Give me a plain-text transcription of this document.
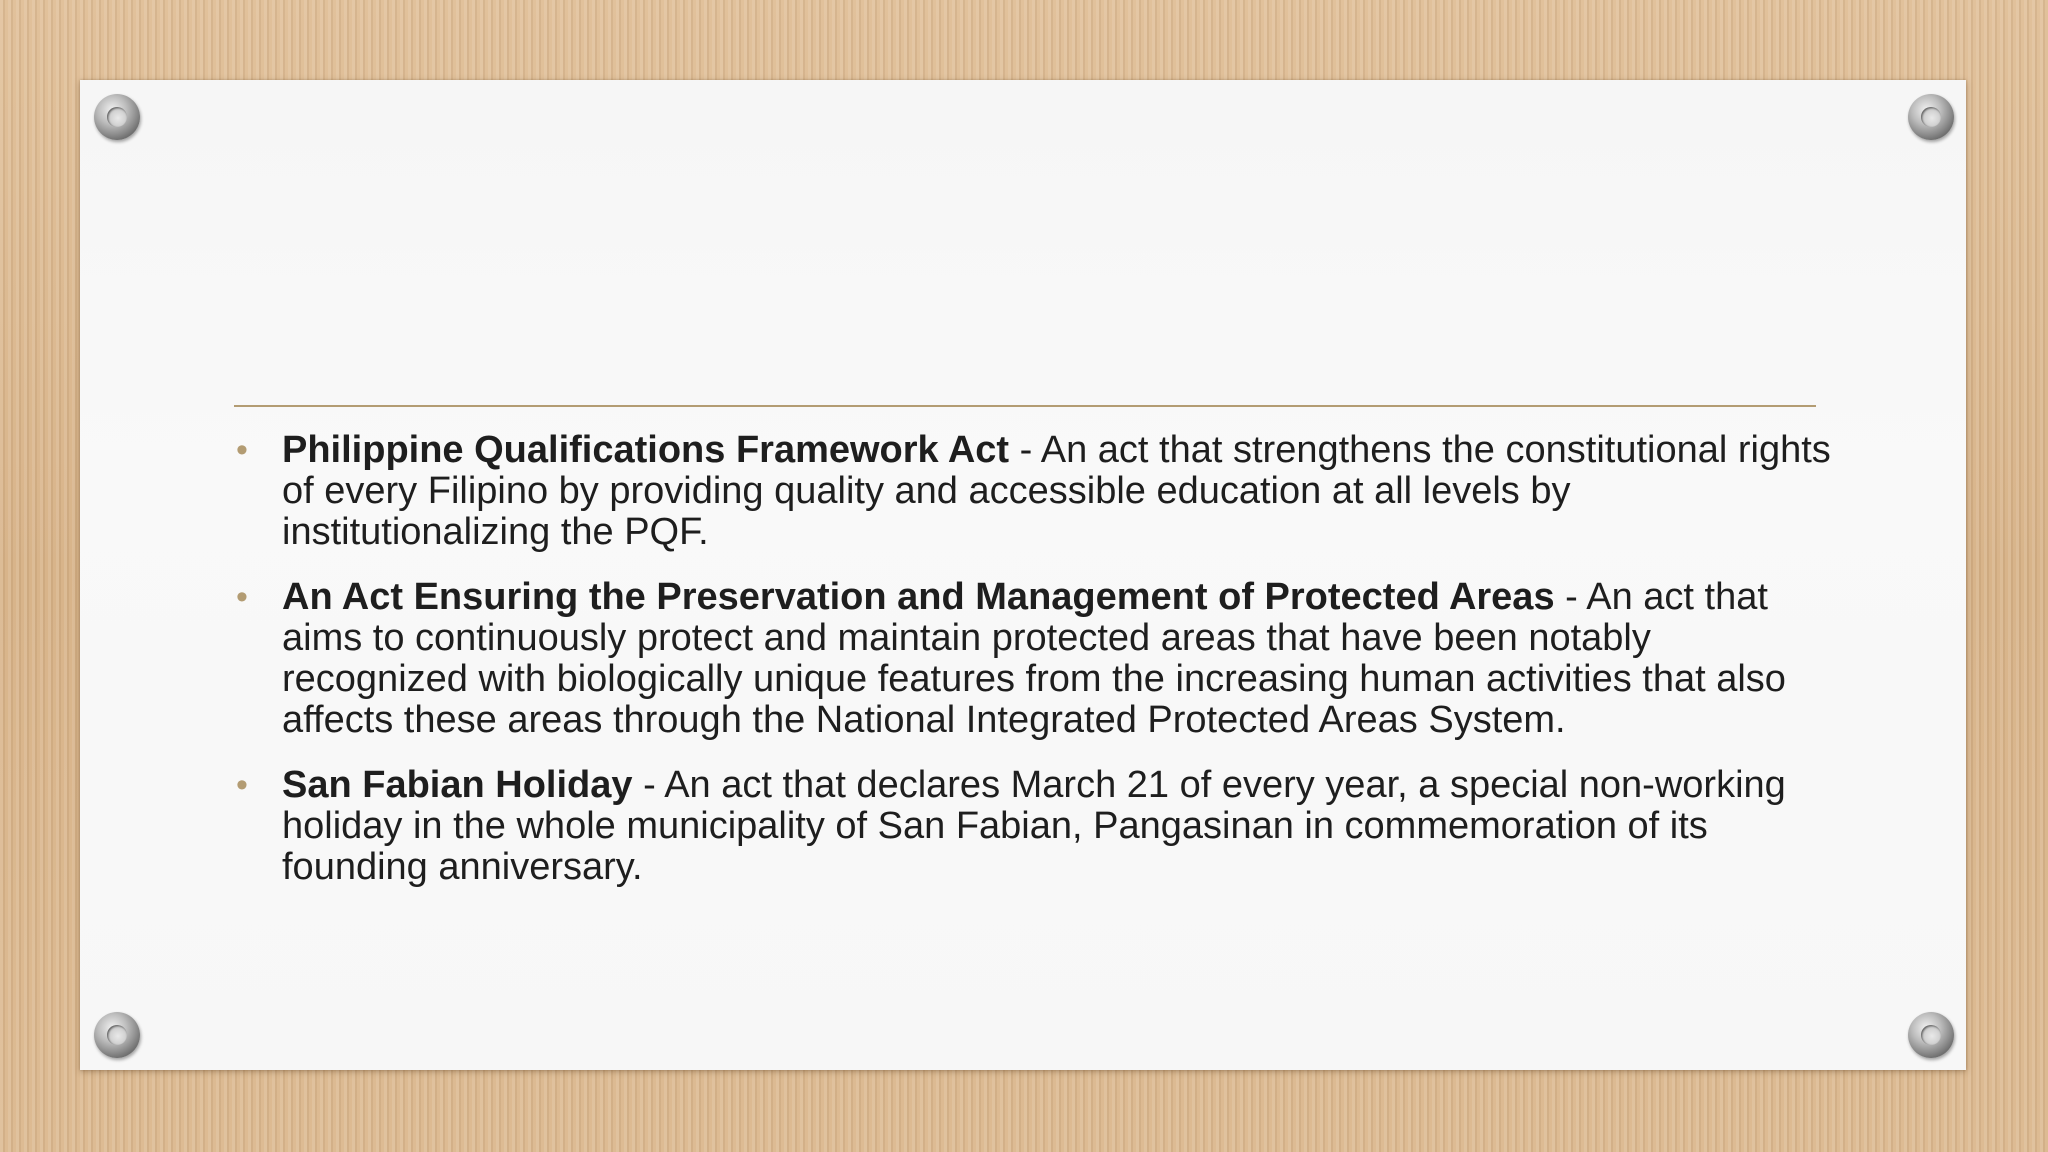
• Philippine Qualifications Framework Act - An act that strengthens the constitutional rights of every Filipino by providing quality and accessible education at all levels by institutionalizing the PQF.
• An Act Ensuring the Preservation and Management of Protected Areas - An act that aims to continuously protect and maintain protected areas that have been notably recognized with biologically unique features from the increasing human activities that also affects these areas through the National Integrated Protected Areas System.
• San Fabian Holiday - An act that declares March 21 of every year, a special non-working holiday in the whole municipality of San Fabian, Pangasinan in commemoration of its founding anniversary.
